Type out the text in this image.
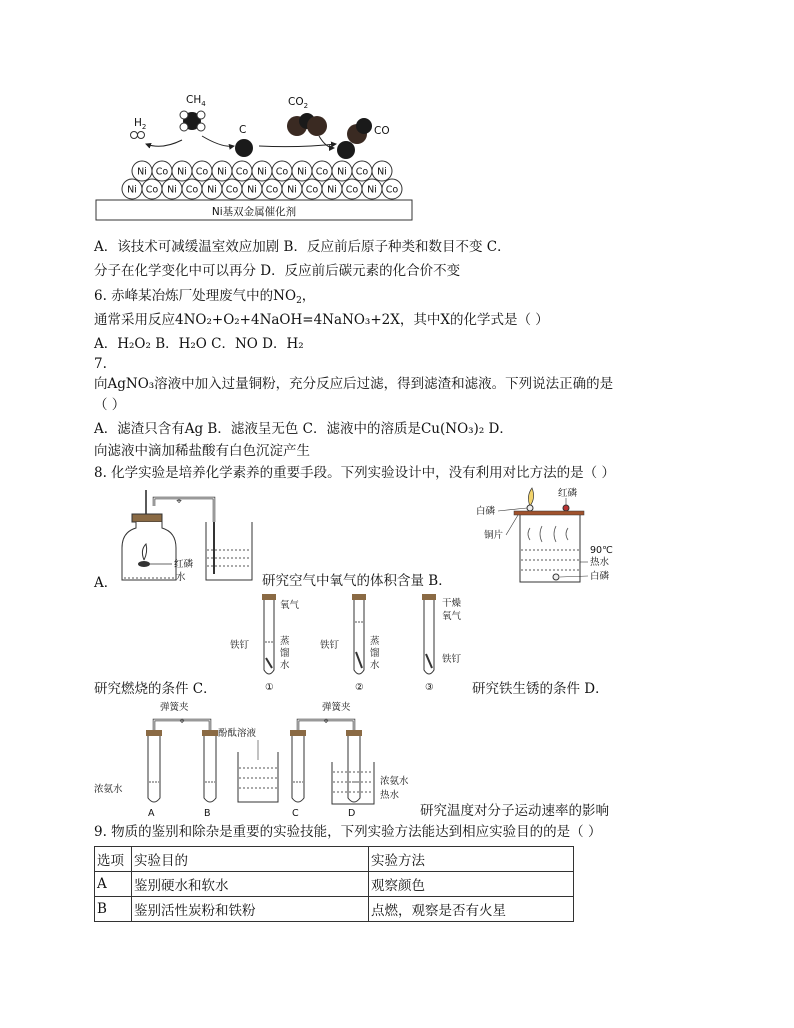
Ni基双金属催化剂
Ni Co Ni Co Ni Co Ni Co Ni Co Ni Co Ni
Ni Co Ni Co Ni Co Ni Co Ni Co Ni Co Ni Co
$H_2$
$CH_4$
C
$CO_2$
CO
A．该技术可减缓温室效应加剧 B．反应前后原子种类和数目不变 C．
分子在化学变化中可以再分 D．反应前后碳元素的化合价不变
6. 赤峰某冶炼厂处理废气中的$NO_2$，
通常采用反应4NO₂+O₂+4NaOH=4NaNO₃+2X，其中X的化学式是（ ）
A．H₂O₂ B．H₂O C．NO D．H₂
7.
向AgNO₃溶液中加入过量铜粉，充分反应后过滤，得到滤渣和滤液。下列说法正确的是
（ ）
A．滤渣只含有Ag B．滤液呈无色 C．滤液中的溶质是Cu(NO₃)₂ D．
向滤液中滴加稀盐酸有白色沉淀产生
8. 化学实验是培养化学素养的重要手段。下列实验设计中，没有利用对比方法的是（ ）
⌖
红磷
水
A．	研究空气中氧气的体积含量 B．
白磷
红磷
铜片
90℃
热水
白磷
氧气
铁钉	蒸
馏
水
①
铁钉	蒸
馏
水
②
干燥
氧气
铁钉
③
研究燃烧的条件 C．	研究铁生锈的条件 D．
弹簧夹	弹簧夹
⌖	⌖
酚酞溶液
浓氨水
浓氨水
热水
A	B	C	D	研究温度对分子运动速率的影响
9. 物质的鉴别和除杂是重要的实验技能，下列实验方法能达到相应实验目的的是（ ）
选项	实验目的	实验方法
A	鉴别硬水和软水	观察颜色
B	鉴别活性炭粉和铁粉	点燃，观察是否有火星
